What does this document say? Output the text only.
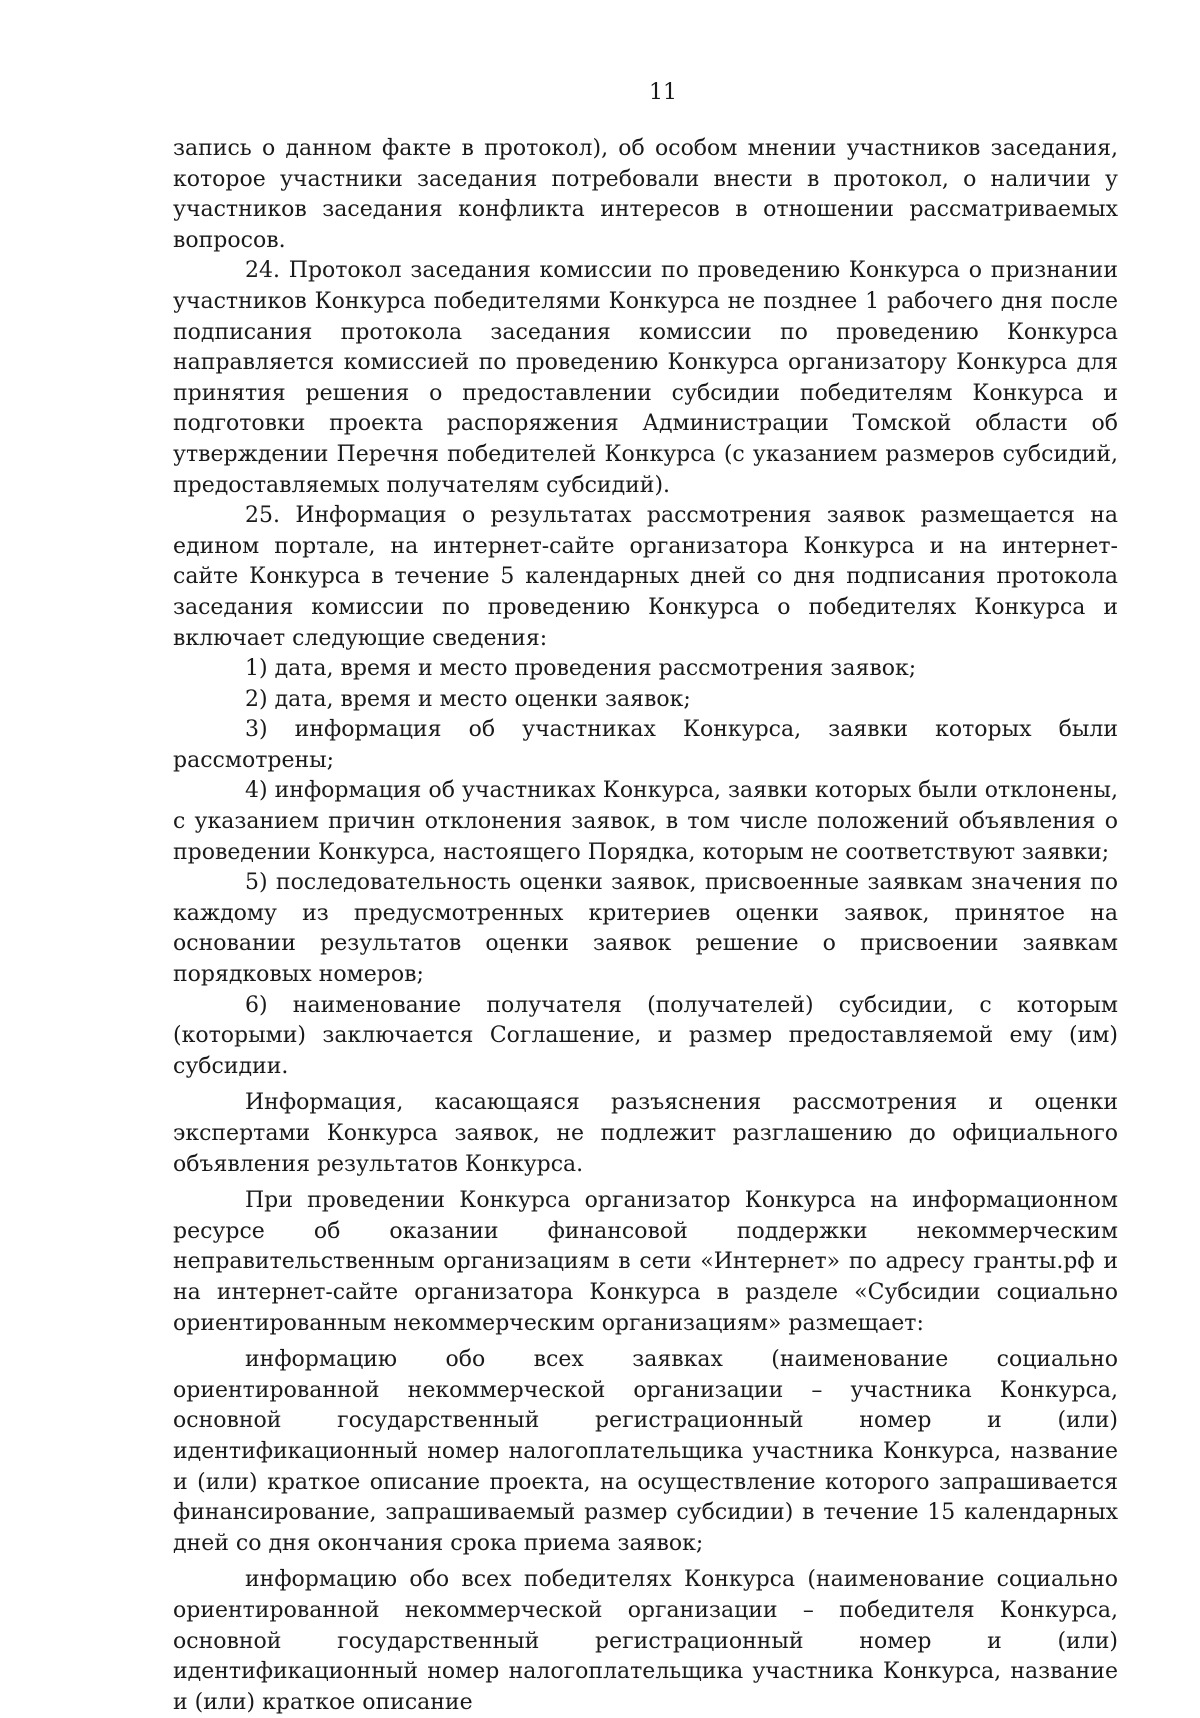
11

запись о данном факте в протокол), об особом мнении участников заседания, которое участники заседания потребовали внести в протокол, о наличии у участников заседания конфликта интересов в отношении рассматриваемых вопросов.

24. Протокол заседания комиссии по проведению Конкурса о признании участников Конкурса победителями Конкурса не позднее 1 рабочего дня после подписания протокола заседания комиссии по проведению Конкурса направляется комиссией по проведению Конкурса организатору Конкурса для принятия решения о предоставлении субсидии победителям Конкурса и подготовки проекта распоряжения Администрации Томской области об утверждении Перечня победителей Конкурса (с указанием размеров субсидий, предоставляемых получателям субсидий).

25. Информация о результатах рассмотрения заявок размещается на едином портале, на интернет-сайте организатора Конкурса и на интернет-сайте Конкурса в течение 5 календарных дней со дня подписания протокола заседания комиссии по проведению Конкурса о победителях Конкурса и включает следующие сведения:

1) дата, время и место проведения рассмотрения заявок;

2) дата, время и место оценки заявок;

3) информация об участниках Конкурса, заявки которых были рассмотрены;

4) информация об участниках Конкурса, заявки которых были отклонены, с указанием причин отклонения заявок, в том числе положений объявления о проведении Конкурса, настоящего Порядка, которым не соответствуют заявки;

5) последовательность оценки заявок, присвоенные заявкам значения по каждому из предусмотренных критериев оценки заявок, принятое на основании результатов оценки заявок решение о присвоении заявкам порядковых номеров;

6) наименование получателя (получателей) субсидии, с которым (которыми) заключается Соглашение, и размер предоставляемой ему (им) субсидии.

Информация, касающаяся разъяснения рассмотрения и оценки экспертами Конкурса заявок, не подлежит разглашению до официального объявления результатов Конкурса.

При проведении Конкурса организатор Конкурса на информационном ресурсе об оказании финансовой поддержки некоммерческим неправительственным организациям в сети «Интернет» по адресу гранты.рф и на интернет-сайте организатора Конкурса в разделе «Субсидии социально ориентированным некоммерческим организациям» размещает:

информацию обо всех заявках (наименование социально ориентированной некоммерческой организации – участника Конкурса, основной государственный регистрационный номер и (или) идентификационный номер налогоплательщика участника Конкурса, название и (или) краткое описание проекта, на осуществление которого запрашивается финансирование, запрашиваемый размер субсидии) в течение 15 календарных дней со дня окончания срока приема заявок;

информацию обо всех победителях Конкурса (наименование социально ориентированной некоммерческой организации – победителя Конкурса, основной государственный регистрационный номер и (или) идентификационный номер налогоплательщика участника Конкурса, название и (или) краткое описание
